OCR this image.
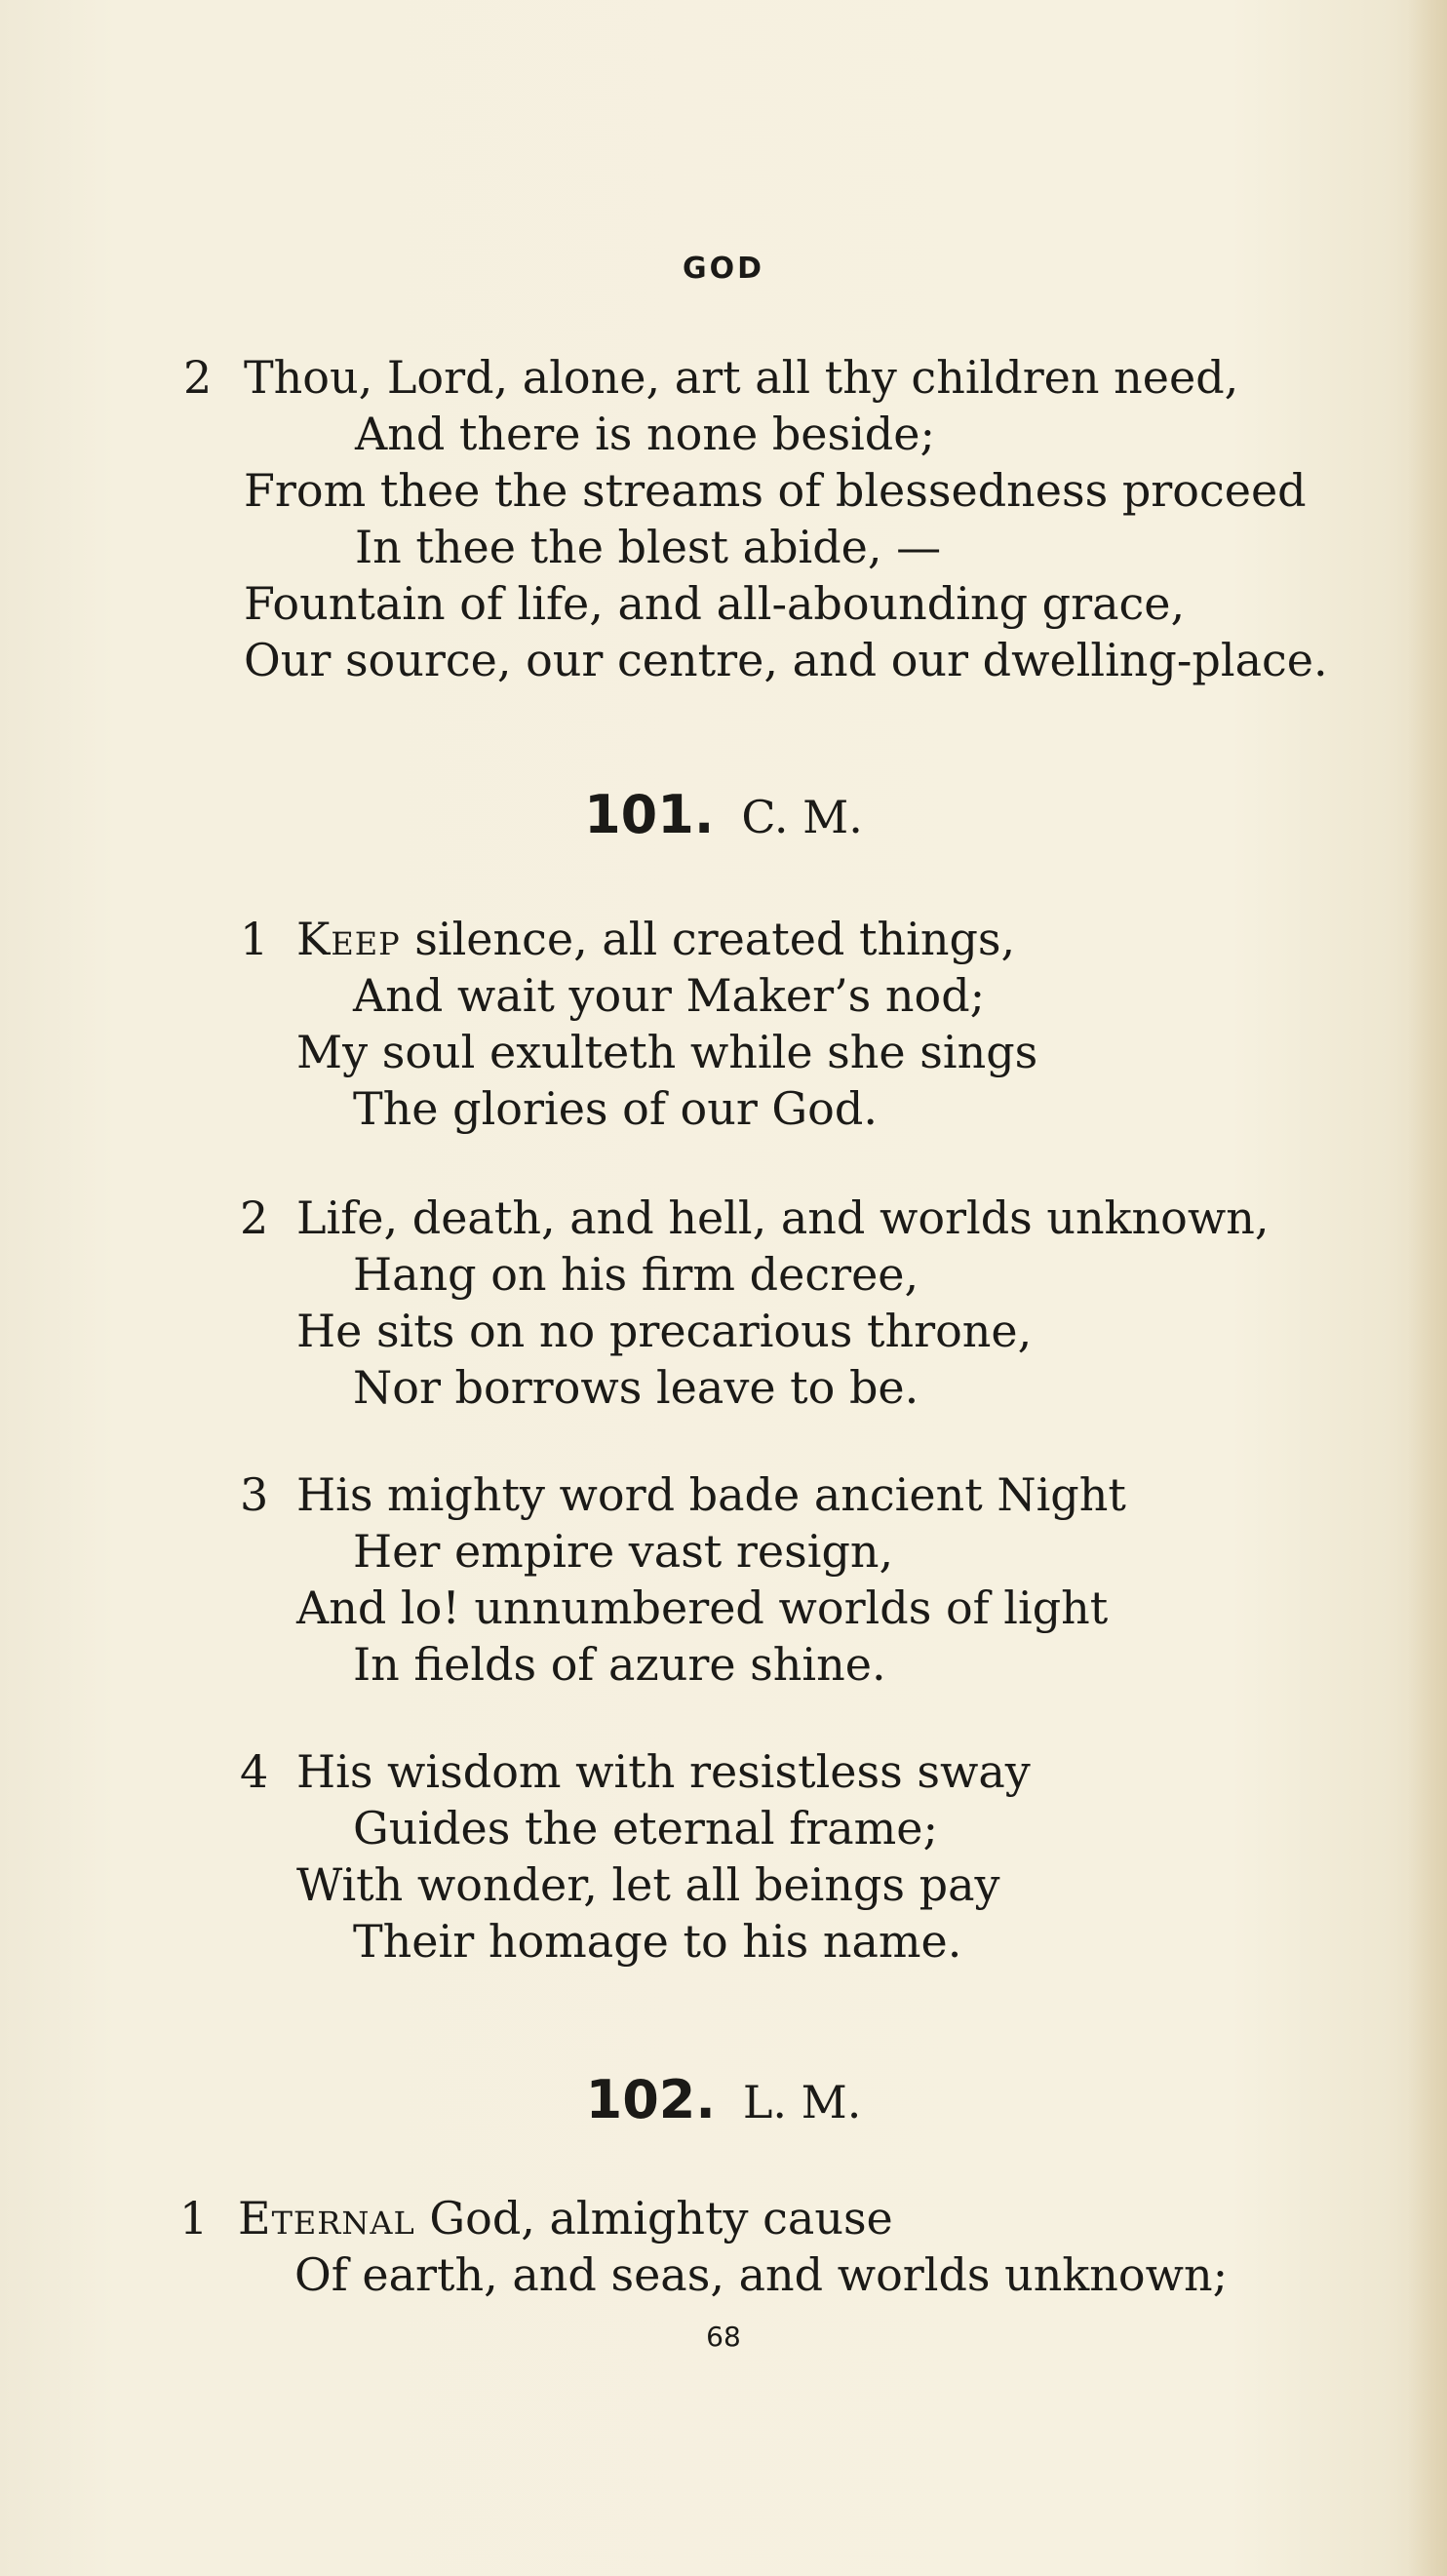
GOD
2 Thou, Lord, alone, art all thy children need,
And there is none beside;
From thee the streams of blessedness proceed
In thee the blest abide, —
Fountain of life, and all-abounding grace,
Our source, our centre, and our dwelling-place.
101. C. M.
1 Keep silence, all created things,
And wait your Maker’s nod;
My soul exulteth while she sings
The glories of our God.
2 Life, death, and hell, and worlds unknown,
Hang on his firm decree,
He sits on no precarious throne,
Nor borrows leave to be.
3 His mighty word bade ancient Night
Her empire vast resign,
And lo! unnumbered worlds of light
In fields of azure shine.
4 His wisdom with resistless sway
Guides the eternal frame;
With wonder, let all beings pay
Their homage to his name.
102. L. M.
1 Eternal God, almighty cause
Of earth, and seas, and worlds unknown;
68
